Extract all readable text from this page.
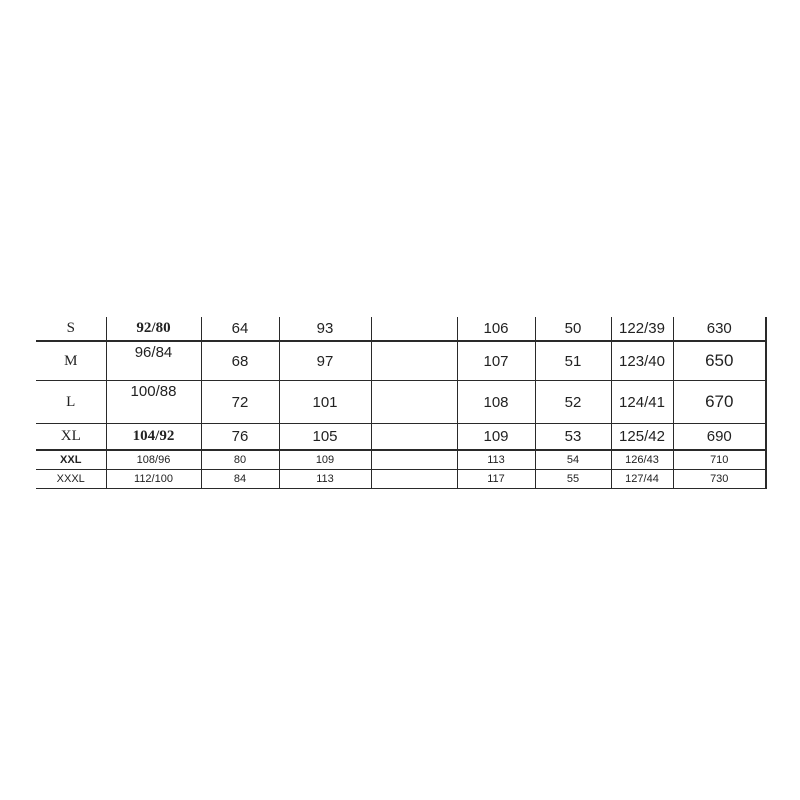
S	92/80	64	93		106	50	122/39	630
M	96/84	68	97		107	51	123/40	650
L	100/88	72	101		108	52	124/41	670
XL	104/92	76	105		109	53	125/42	690
XXL	108/96	80	109		113	54	126/43	710
XXXL	112/100	84	113		117	55	127/44	730
